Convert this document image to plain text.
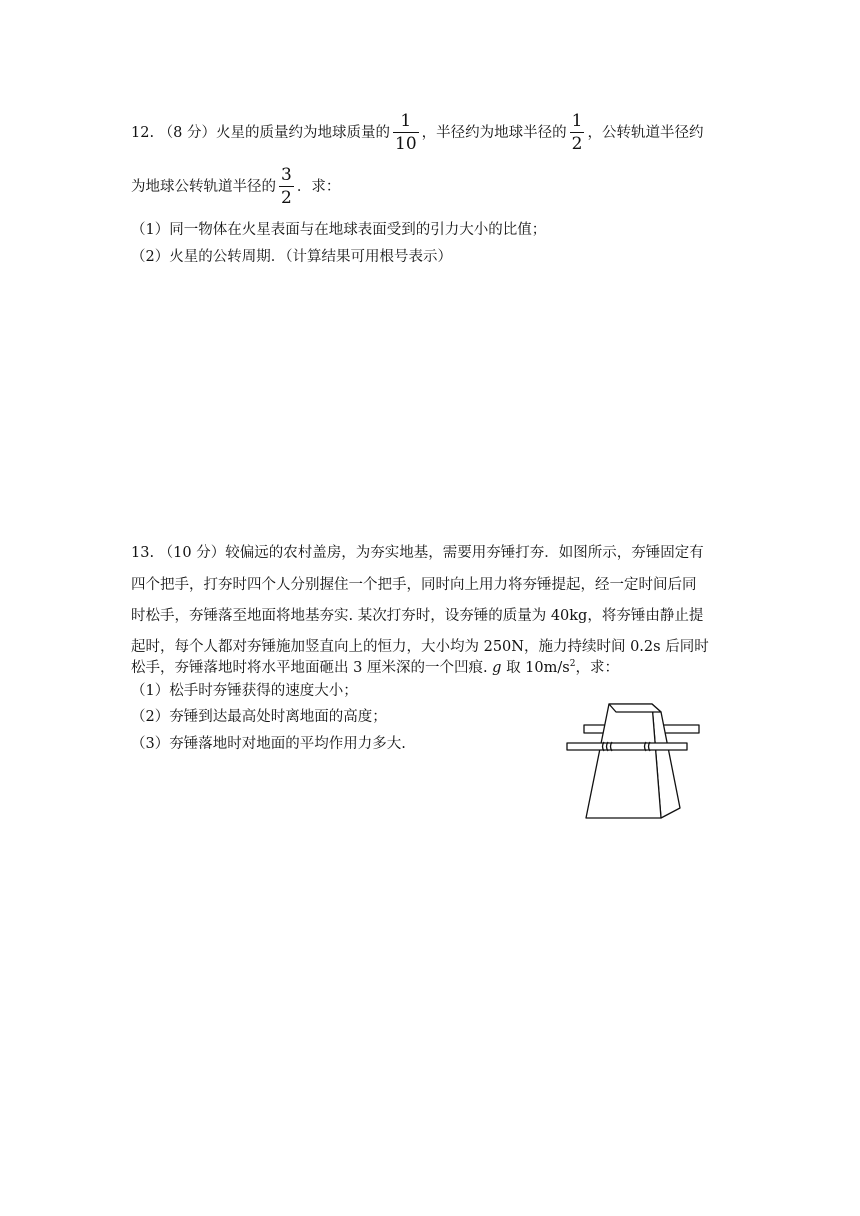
12. （8 分）火星的质量约为地球质量的 $\frac{1}{10}$ ，半径约为地球半径的 $\frac{1}{2}$ ，公转轨道半径约
为地球公转轨道半径的 $\frac{3}{2}$ ．求：
（1）同一物体在火星表面与在地球表面受到的引力大小的比值；
（2）火星的公转周期．（计算结果可用根号表示）
13. （10 分）较偏远的农村盖房，为夯实地基，需要用夯锤打夯．如图所示，夯锤固定有
四个把手，打夯时四个人分别握住一个把手，同时向上用力将夯锤提起，经一定时间后同
时松手，夯锤落至地面将地基夯实. 某次打夯时，设夯锤的质量为 40kg，将夯锤由静止提
起时，每个人都对夯锤施加竖直向上的恒力，大小均为 250N，施力持续时间 0.2s 后同时
松手，夯锤落地时将水平地面砸出 3 厘米深的一个凹痕. g 取 $10m/s^2$，求：
（1）松手时夯锤获得的速度大小；
（2）夯锤到达最高处时离地面的高度；
（3）夯锤落地时对地面的平均作用力多大.
